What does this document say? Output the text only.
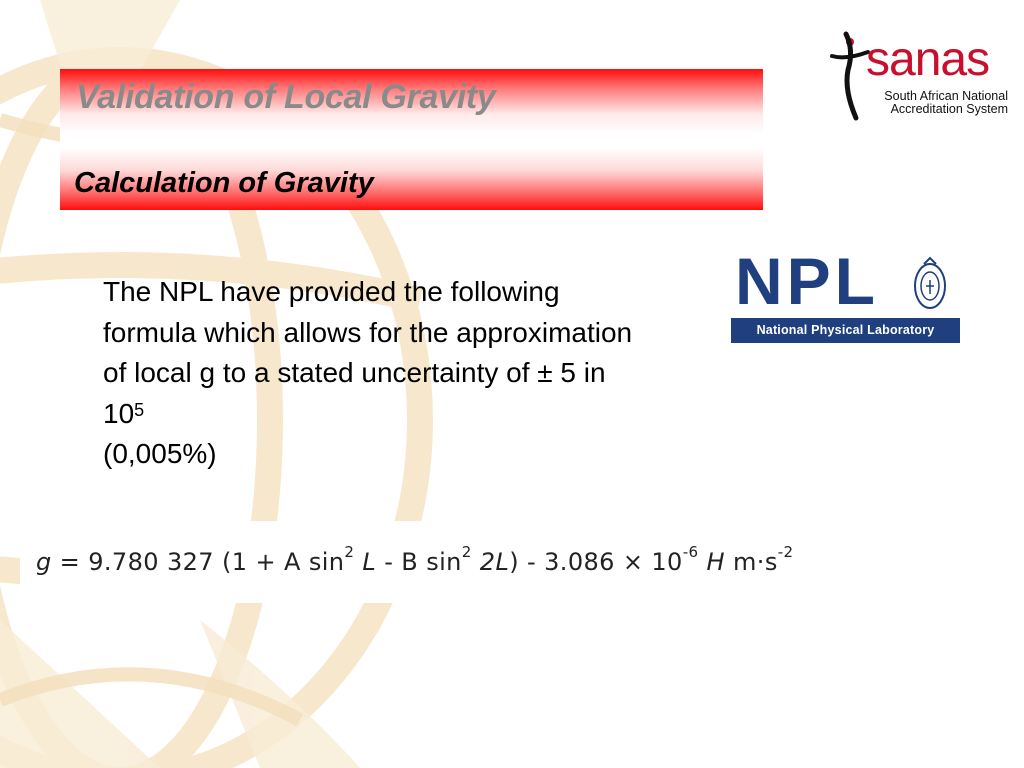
sanas
South African National
Accreditation System
Validation of Local Gravity
Calculation of Gravity

The NPL have provided the following formula which allows for the approximation of local g to a stated uncertainty of ± 5 in $10^5$
(0,005%)

NPL
National Physical Laboratory
g = 9.780 327 (1 + A $\sin^2 L$ - B $\sin^2 2L) - 3.086 \times 10^{-6}$ H $m\cdot s^{-2}$
